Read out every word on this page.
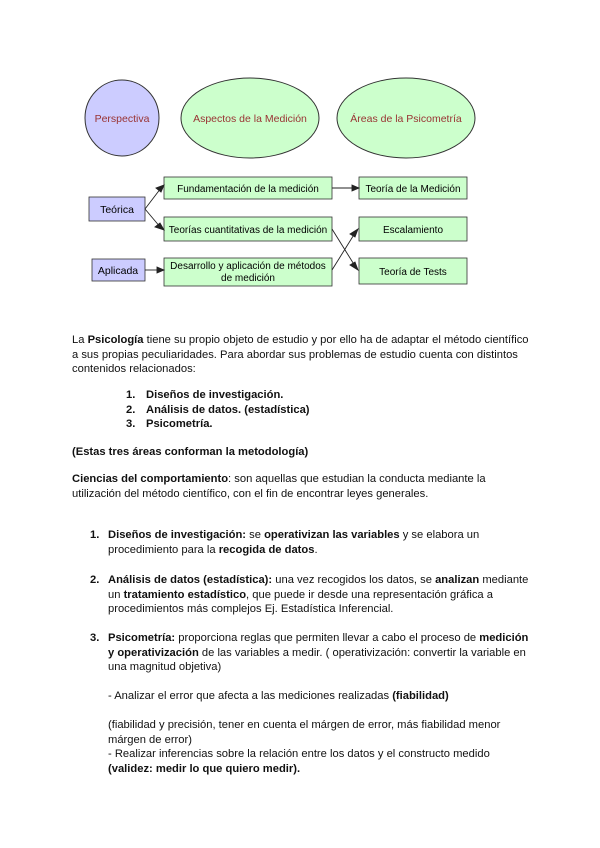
Perspectiva	Aspectos de la Medición	Áreas de la Psicometría
Teórica
Aplicada
Fundamentación de la medición
Teorías cuantitativas de la medición
Desarrollo y aplicación de métodos
de medición
Teoría de la Medición
Escalamiento
Teoría de Tests

La Psicología tiene su propio objeto de estudio y por ello ha de adaptar el método científico

a sus propias peculiaridades. Para abordar sus problemas de estudio cuenta con distintos

contenidos relacionados:

1. Diseños de investigación.
2. Análisis de datos. (estadística)
3. Psicometría.

(Estas tres áreas conforman la metodología)

Ciencias del comportamiento: son aquellas que estudian la conducta mediante la

utilización del método científico, con el fin de encontrar leyes generales.

1. Diseños de investigación: se operativizan las variables y se elabora un

procedimiento para la recogida de datos.

2. Análisis de datos (estadística): una vez recogidos los datos, se analizan mediante

un tratamiento estadístico, que puede ir desde una representación gráfica a

procedimientos más complejos Ej. Estadística Inferencial.

3. Psicometría: proporciona reglas que permiten llevar a cabo el proceso de medición

y operativización de las variables a medir. ( operativización: convertir la variable en

una magnitud objetiva)

- Analizar el error que afecta a las mediciones realizadas (fiabilidad)

(fiabilidad y precisión, tener en cuenta el márgen de error, más fiabilidad menor

márgen de error)

- Realizar inferencias sobre la relación entre los datos y el constructo medido

(validez: medir lo que quiero medir).
